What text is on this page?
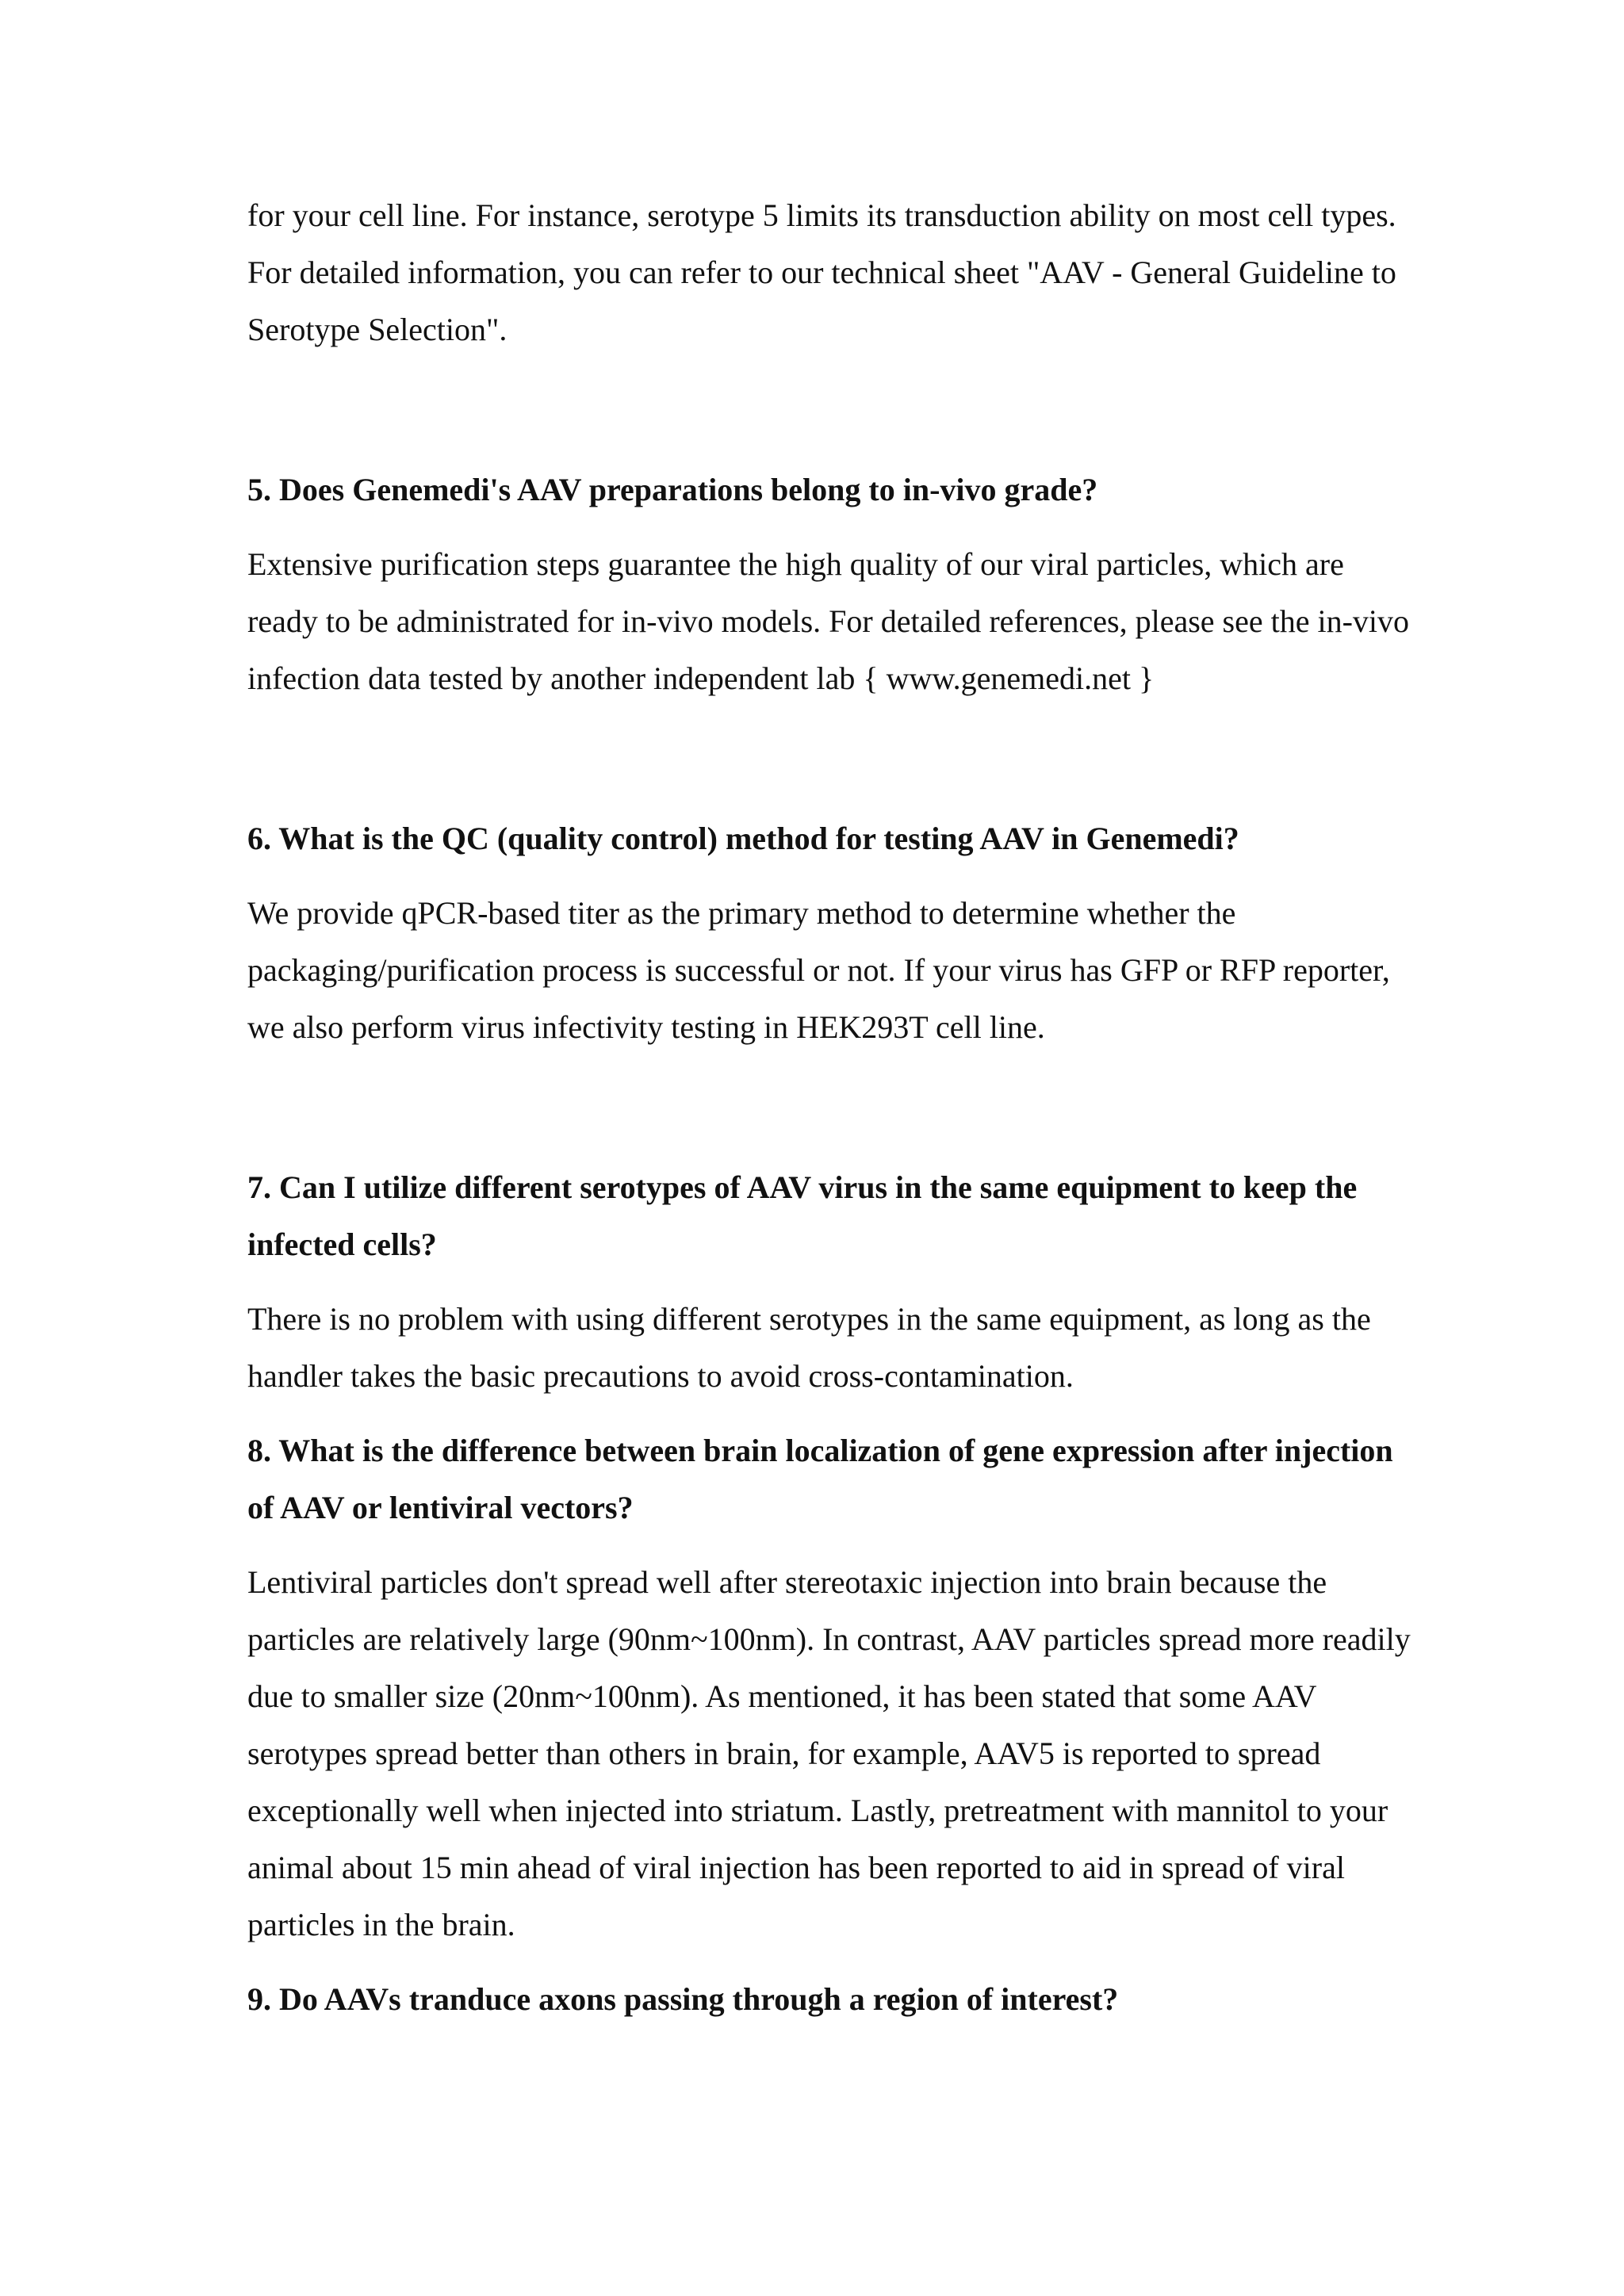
for your cell line. For instance, serotype 5 limits its transduction ability on most cell types. For detailed information, you can refer to our technical sheet "AAV - General Guideline to Serotype Selection".

5. Does Genemedi's AAV preparations belong to in-vivo grade?

Extensive purification steps guarantee the high quality of our viral particles, which are ready to be administrated for in-vivo models. For detailed references, please see the in-vivo infection data tested by another independent lab { www.genemedi.net }

6. What is the QC (quality control) method for testing AAV in Genemedi?

We provide qPCR-based titer as the primary method to determine whether the packaging/purification process is successful or not. If your virus has GFP or RFP reporter, we also perform virus infectivity testing in HEK293T cell line.

7. Can I utilize different serotypes of AAV virus in the same equipment to keep the infected cells?

There is no problem with using different serotypes in the same equipment, as long as the handler takes the basic precautions to avoid cross-contamination.

8. What is the difference between brain localization of gene expression after injection of AAV or lentiviral vectors?

Lentiviral particles don't spread well after stereotaxic injection into brain because the particles are relatively large (90nm~100nm). In contrast, AAV particles spread more readily due to smaller size (20nm~100nm). As mentioned, it has been stated that some AAV serotypes spread better than others in brain, for example, AAV5 is reported to spread exceptionally well when injected into striatum. Lastly, pretreatment with mannitol to your animal about 15 min ahead of viral injection has been reported to aid in spread of viral particles in the brain.

9. Do AAVs tranduce axons passing through a region of interest?
